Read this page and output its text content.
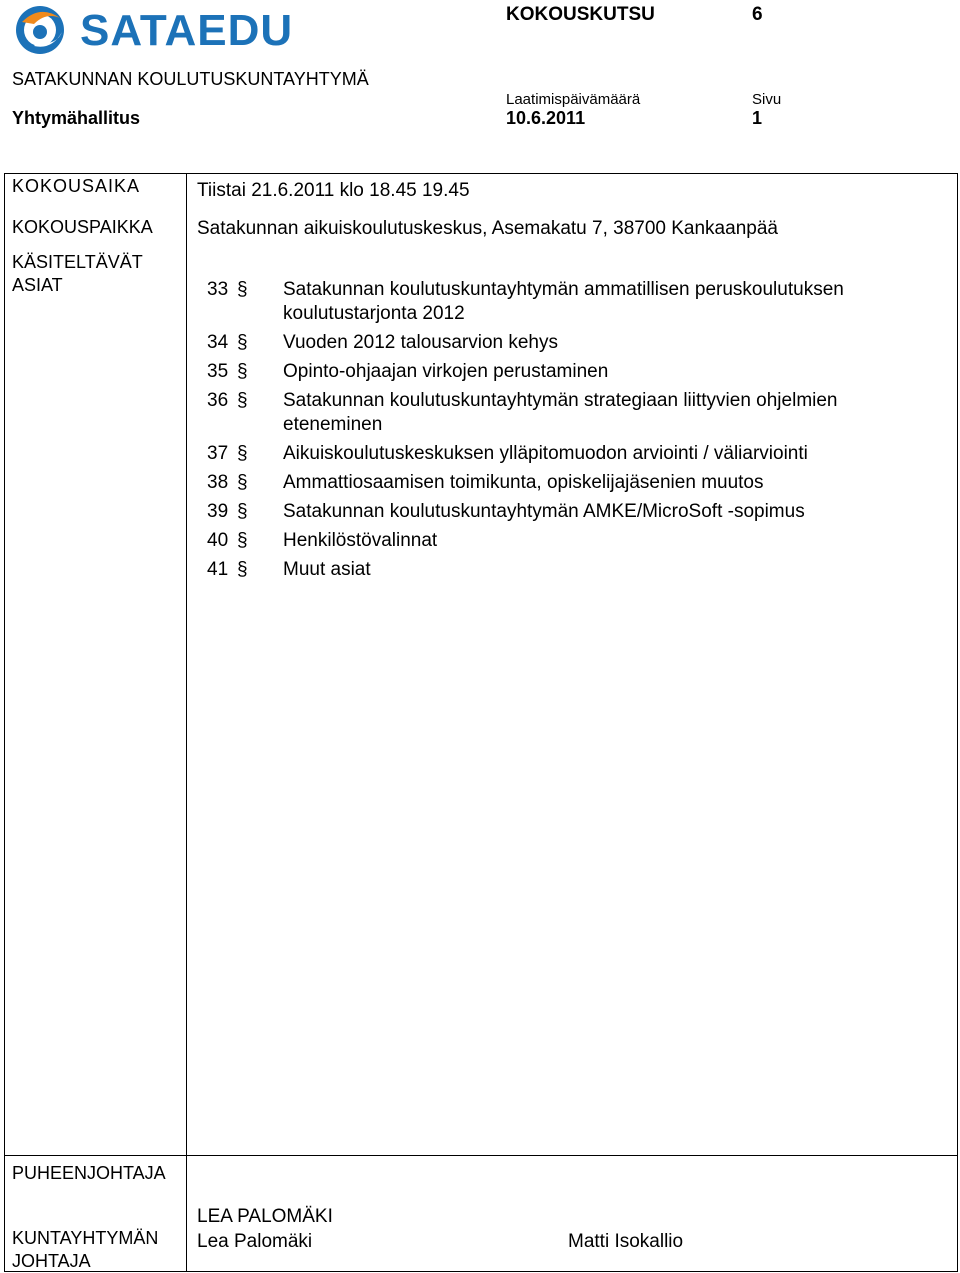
SATAEDU	KOKOUSKUTSU	6
SATAKUNNAN KOULUTUSKUNTAYHTYMÄ
Laatimispäivämäärä	Sivu
Yhtymähallitus	10.6.2011	1
KOKOUSAIKA	Tiistai 21.6.2011 klo 18.45 19.45
KOKOUSPAIKKA Satakunnan aikuiskoulutuskeskus, Asemakatu 7, 38700 Kankaanpää
KÄSITELTÄVÄT
ASIAT	33 § Satakunnan koulutuskuntayhtymän ammatillisen peruskoulutuksen koulutustarjonta 2012
34 § Vuoden 2012 talousarvion kehys
35 § Opinto-ohjaajan virkojen perustaminen
36 § Satakunnan koulutuskuntayhtymän strategiaan liittyvien ohjelmien eteneminen
37 § Aikuiskoulutuskeskuksen ylläpitomuodon arviointi / väliarviointi
38 § Ammattiosaamisen toimikunta, opiskelijajäsenien muutos
39 § Satakunnan koulutuskuntayhtymän AMKE/MicroSoft -sopimus
40 § Henkilöstövalinnat
41 § Muut asiat
PUHEENJOHTAJA
KUNTAYHTYMÄN
JOHTAJA
LEA PALOMÄKI
Lea Palomäki	Matti Isokallio
